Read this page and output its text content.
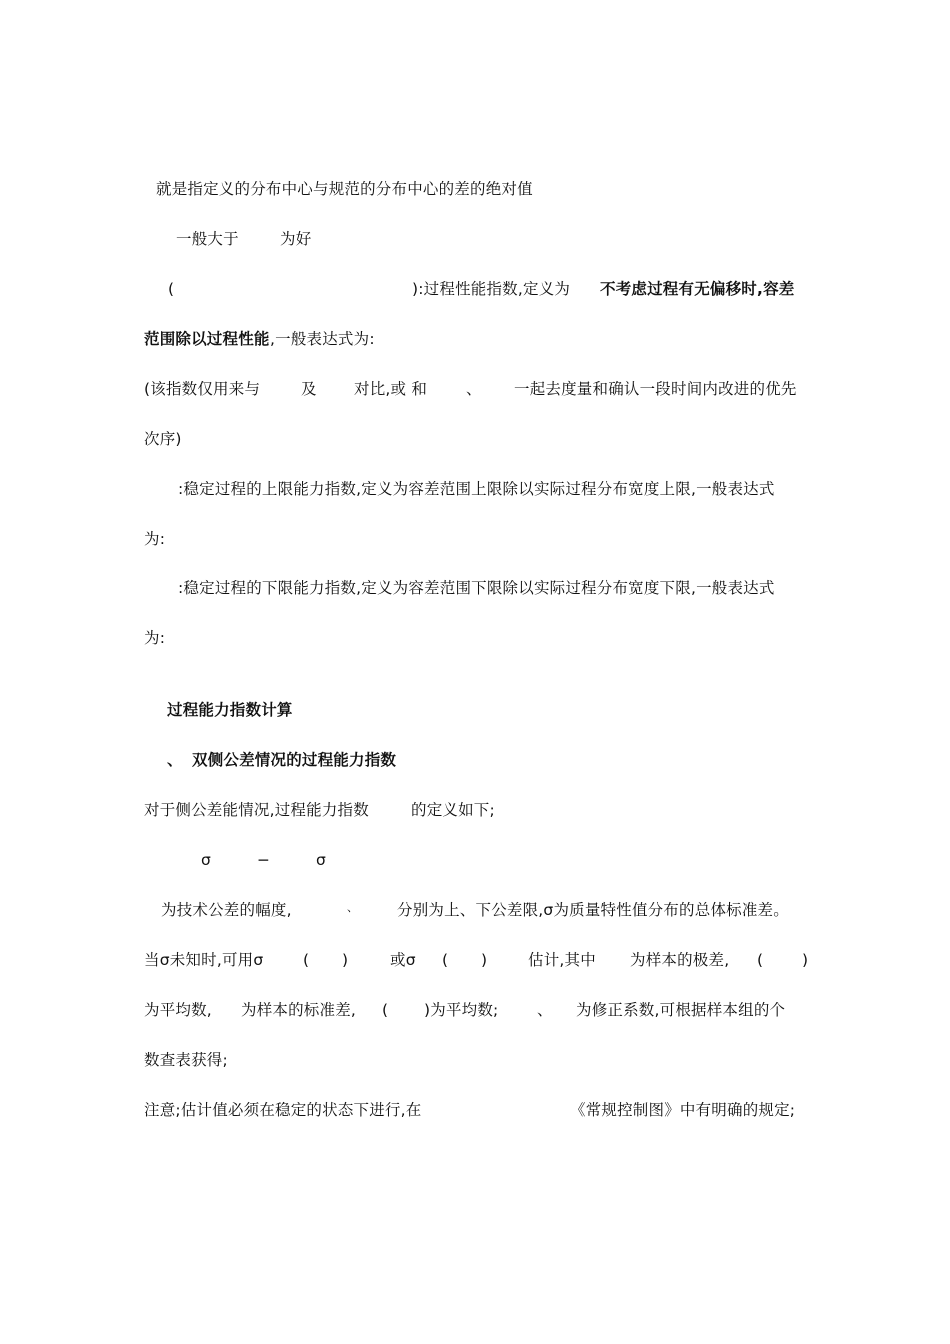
就是指定义的分布中心与规范的分布中心的差的绝对值
一般大于	为好
(	):过程性能指数,定义为 不考虑过程有无偏移时,容差
范围除以过程性能 ,一般表达式为:
(该指数仅用来与	及 对比,或 和	、 一起去度量和确认一段时间内改进的优先
次序)
:稳定过程的上限能力指数,定义为容差范围上限除以实际过程分布宽度上限,一般表达式
为:
:稳定过程的下限能力指数,定义为容差范围下限除以实际过程分布宽度下限,一般表达式
为:
过程能力指数计算
、 双侧公差情况的过程能力指数
对于侧公差能情况,过程能力指数	的定义如下;
σ	−	σ
为技术公差的幅度,	、	分别为上、下公差限,σ为质量特性值分布的总体标准差。
当σ未知时,可用σ	( )	或σ ( )	估计,其中 为样本的极差, (	)
为平均数, 为样本的标准差, ( )为平均数; 、 为修正系数,可根据样本组的个
数查表获得;
注意;估计值必须在稳定的状态下进行,在	《常规控制图》中有明确的规定;
